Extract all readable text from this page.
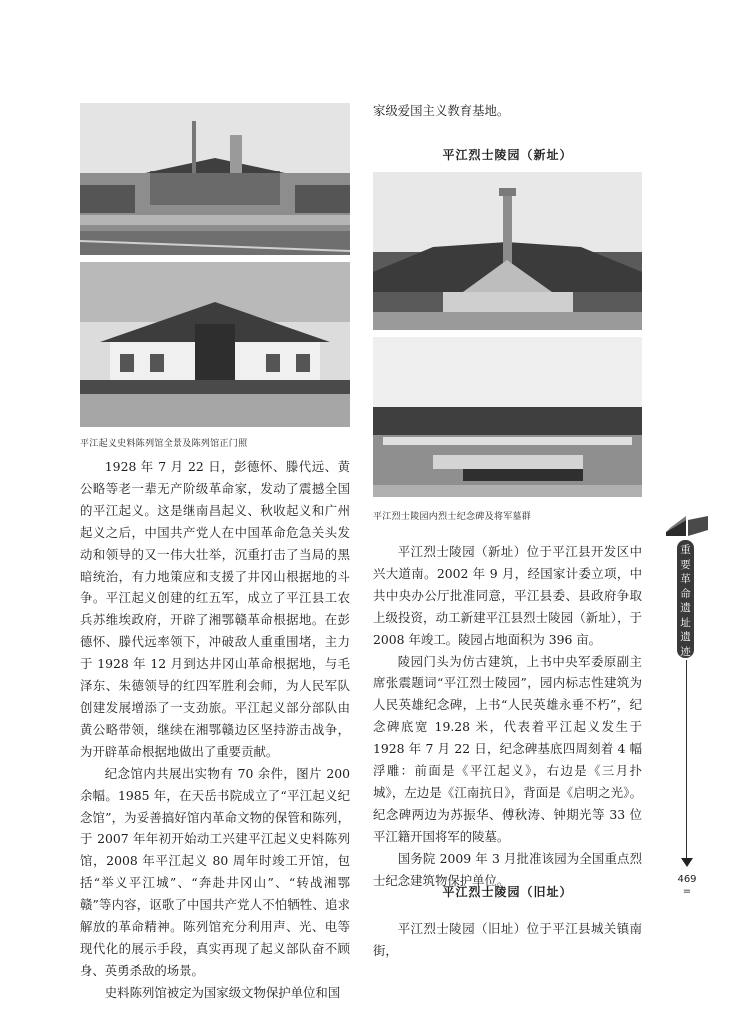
平江起义史料陈列馆全景及陈列馆正门照

1928 年 7 月 22 日，彭德怀、滕代远、黄公略等老一辈无产阶级革命家，发动了震撼全国的平江起义。这是继南昌起义、秋收起义和广州起义之后，中国共产党人在中国革命危急关头发动和领导的又一伟大壮举，沉重打击了当局的黑暗统治，有力地策应和支援了井冈山根据地的斗争。平江起义创建的红五军，成立了平江县工农兵苏维埃政府，开辟了湘鄂赣革命根据地。在彭德怀、滕代远率领下，冲破敌人重重围堵，主力于 1928 年 12 月到达井冈山革命根据地，与毛泽东、朱德领导的红四军胜利会师，为人民军队创建发展增添了一支劲旅。平江起义部分部队由黄公略带领，继续在湘鄂赣边区坚持游击战争，为开辟革命根据地做出了重要贡献。

纪念馆内共展出实物有 70 余件，图片 200 余幅。1985 年，在天岳书院成立了“平江起义纪念馆”，为妥善搞好馆内革命文物的保管和陈列，于 2007 年年初开始动工兴建平江起义史料陈列馆，2008 年平江起义 80 周年时竣工开馆，包括“举义平江城”、“奔赴井冈山”、“转战湘鄂赣”等内容，讴歌了中国共产党人不怕牺牲、追求解放的革命精神。陈列馆充分利用声、光、电等现代化的展示手段，真实再现了起义部队奋不顾身、英勇杀敌的场景。

史料陈列馆被定为国家级文物保护单位和国

家级爱国主义教育基地。

平江烈士陵园（新址）
平江烈士陵园内烈士纪念碑及将军墓群

平江烈士陵园（新址）位于平江县开发区中兴大道南。2002 年 9 月，经国家计委立项，中共中央办公厅批准同意，平江县委、县政府争取上级投资，动工新建平江县烈士陵园（新址），于 2008 年竣工。陵园占地面积为 396 亩。

陵园门头为仿古建筑，上书中央军委原副主席张震题词“平江烈士陵园”，园内标志性建筑为人民英雄纪念碑，上书“人民英雄永垂不朽”，纪念碑底宽 19.28 米，代表着平江起义发生于 1928 年 7 月 22 日，纪念碑基底四周刻着 4 幅浮雕：前面是《平江起义》，右边是《三月扑城》，左边是《江南抗日》，背面是《启明之光》。纪念碑两边为苏振华、傅秋涛、钟期光等 33 位平江籍开国将军的陵墓。

国务院 2009 年 3 月批准该园为全国重点烈士纪念建筑物保护单位。

平江烈士陵园（旧址）

平江烈士陵园（旧址）位于平江县城关镇南街，

重要革命遗址遗迹
469
=
